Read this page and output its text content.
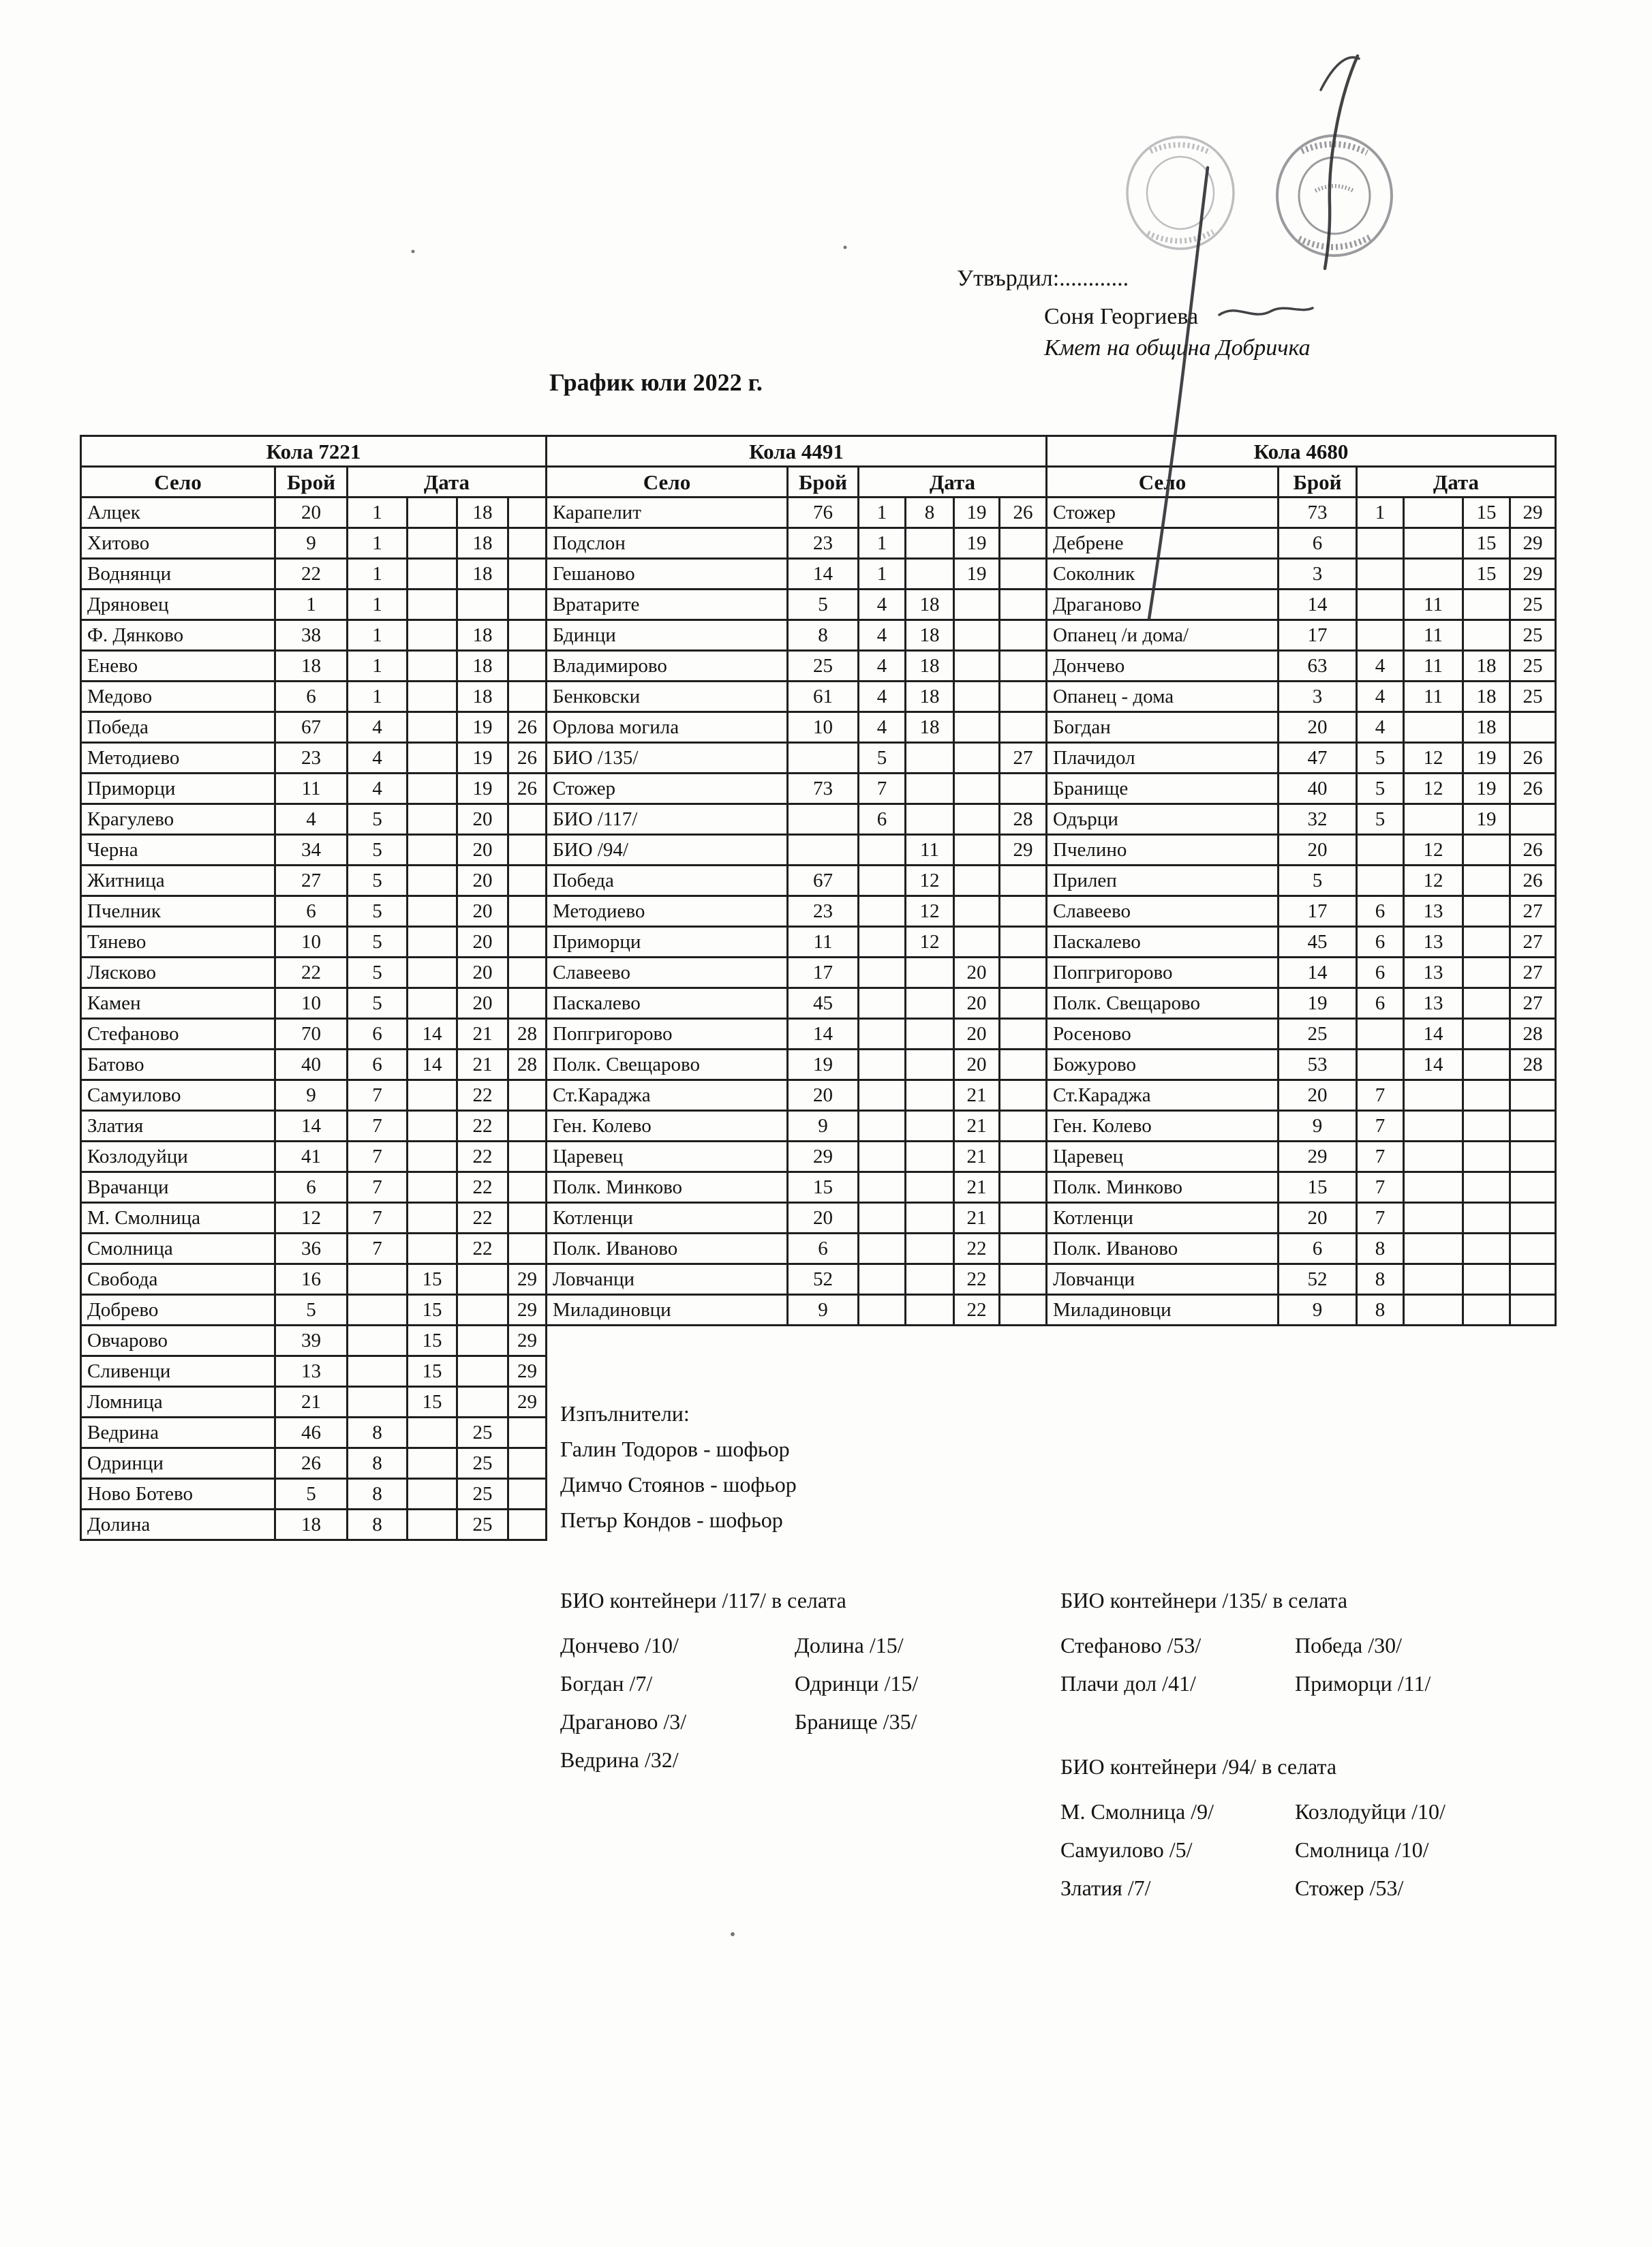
Утвърдил:............
Соня Георгиева
Кмет на община Добричка
График юли 2022 г.
Кола 7221					
Село	Брой	Дата			
Алцек	20	1		18	
Хитово	9	1		18	
Воднянци	22	1		18	
Дряновец	1	1			
Ф. Дянково	38	1		18	
Енево	18	1		18	
Медово	6	1		18	
Победа	67	4		19	26
Методиево	23	4		19	26
Приморци	11	4		19	26
Крагулево	4	5		20	
Черна	34	5		20	
Житница	27	5		20	
Пчелник	6	5		20	
Тянево	10	5		20	
Лясково	22	5		20	
Камен	10	5		20	
Стефаново	70	6	14	21	28
Батово	40	6	14	21	28
Самуилово	9	7		22	
Златия	14	7		22	
Козлодуйци	41	7		22	
Врачанци	6	7		22	
М. Смолница	12	7		22	
Смолница	36	7		22	
Свобода	16		15		29
Добрево	5		15		29
Овчарово	39		15		29
Сливенци	13		15		29
Ломница	21		15		29
Ведрина	46	8		25	
Одринци	26	8		25	
Ново Ботево	5	8		25	
Долина	18	8		25	
Кола 4491					
Село	Брой	Дата			
Карапелит	76	1	8	19	26
Подслон	23	1		19	
Гешаново	14	1		19	
Вратарите	5	4	18		
Бдинци	8	4	18		
Владимирово	25	4	18		
Бенковски	61	4	18		
Орлова могила	10	4	18		
БИО /135/		5			27
Стожер	73	7			
БИО /117/		6			28
БИО /94/			11		29
Победа	67		12		
Методиево	23		12		
Приморци	11		12		
Славеево	17			20	
Паскалево	45			20	
Попгригорово	14			20	
Полк. Свещарово	19			20	
Ст.Караджа	20			21	
Ген. Колево	9			21	
Царевец	29			21	
Полк. Минково	15			21	
Котленци	20			21	
Полк. Иваново	6			22	
Ловчанци	52			22	
Миладиновци	9			22	
Кола 4680					
Село	Брой	Дата			
Стожер	73	1		15	29
Дебрене	6			15	29
Соколник	3			15	29
Драганово	14		11		25
Опанец /и дома/	17		11		25
Дончево	63	4	11	18	25
Опанец - дома	3	4	11	18	25
Богдан	20	4		18	
Плачидол	47	5	12	19	26
Бранище	40	5	12	19	26
Одърци	32	5		19	
Пчелино	20		12		26
Прилеп	5		12		26
Славеево	17	6	13		27
Паскалево	45	6	13		27
Попгригорово	14	6	13		27
Полк. Свещарово	19	6	13		27
Росеново	25		14		28
Божурово	53		14		28
Ст.Караджа	20	7			
Ген. Колево	9	7			
Царевец	29	7			
Полк. Минково	15	7			
Котленци	20	7			
Полк. Иваново	6	8			
Ловчанци	52	8			
Миладиновци	9	8			
Изпълнители:
Галин Тодоров - шофьор
Димчо Стоянов - шофьор
Петър Кондов - шофьор
БИО контейнери /117/ в селата
Дончево /10/
Богдан /7/
Драганово /3/
Ведрина /32/
Долина /15/
Одринци /15/
Бранище /35/
БИО контейнери /135/ в селата
Стефаново /53/
Плачи дол /41/
Победа /30/
Приморци /11/
БИО контейнери /94/ в селата
М. Смолница /9/
Самуилово /5/
Златия /7/
Козлодуйци /10/
Смолница /10/
Стожер /53/
